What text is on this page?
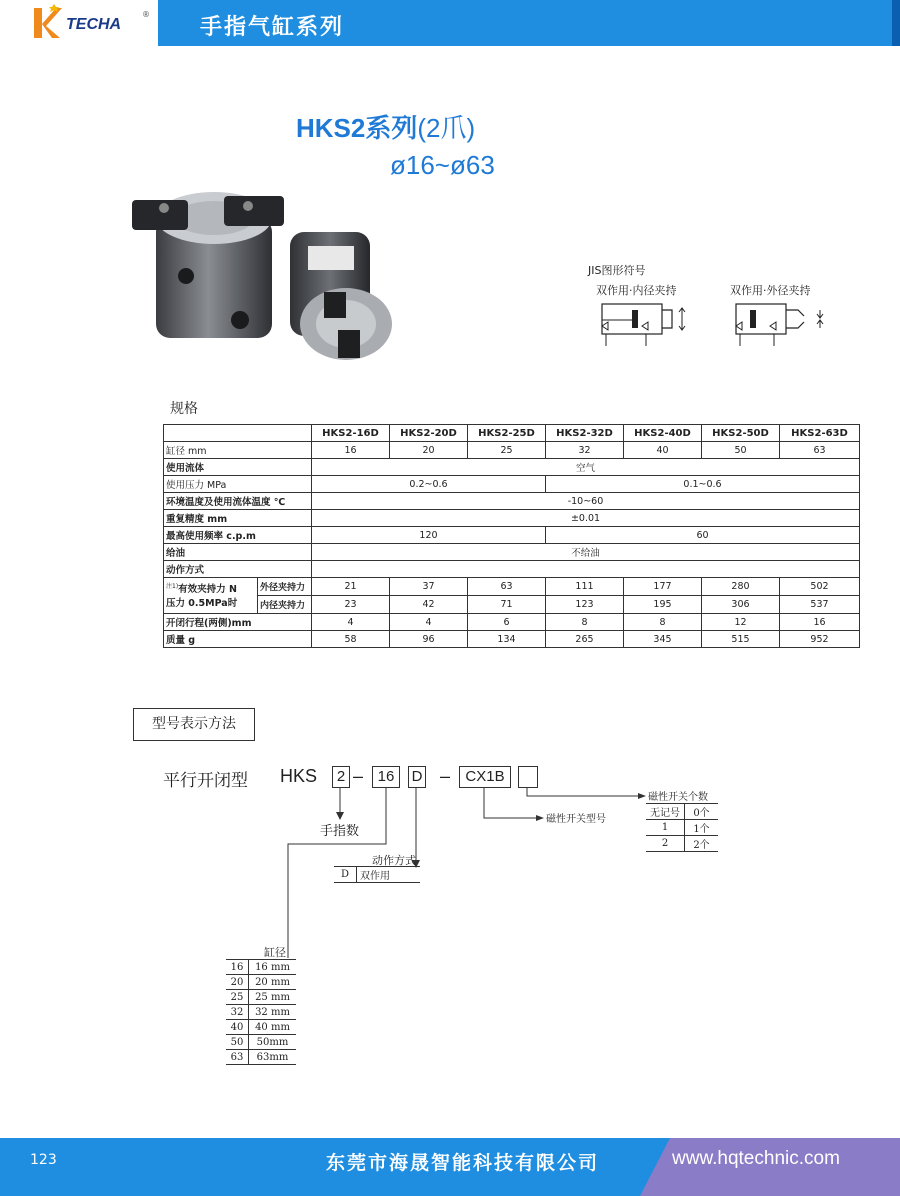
TECHA
®
手指气缸系列
HKS2系列(2爪)
ø16~ø63
JIS图形符号
双作用·内径夹持	双作用·外径夹持
规格
		HKS2-16D	HKS2-20D	HKS2-25D	HKS2-32D	HKS2-40D	HKS2-50D	HKS2-63D
缸径 mm		16	20	25	32	40	50	63
使用流体		空气						
使用压力 MPa		0.2~0.6			0.1~0.6			
环境温度及使用流体温度 ℃		-10~60						
重复精度 mm		±0.01						
最高使用频率 c.p.m		120			60			
给油		不给油						
动作方式								
$^{注1)}$有效夹持力 N
压力 0.5MPa时	外径夹持力	21	37	63	111	177	280	502
	内径夹持力	23	42	71	123	195	306	537
开闭行程(两侧)mm		4	4	6	8	8	12	16
质量 g		58	96	134	265	345	515	952
型号表示方法
平行开闭型 HKS	2 – 16	D –	CX1B
手指数
动作方式
D	双作用
磁性开关型号
磁性开关个数
无记号	0个
1	1个
2	2个
缸径
16	16 mm
20	20 mm
25	25 mm
32	32 mm
40	40 mm
50	50mm
63	63mm
123	东莞市海晟智能科技有限公司	www.hqtechnic.com
